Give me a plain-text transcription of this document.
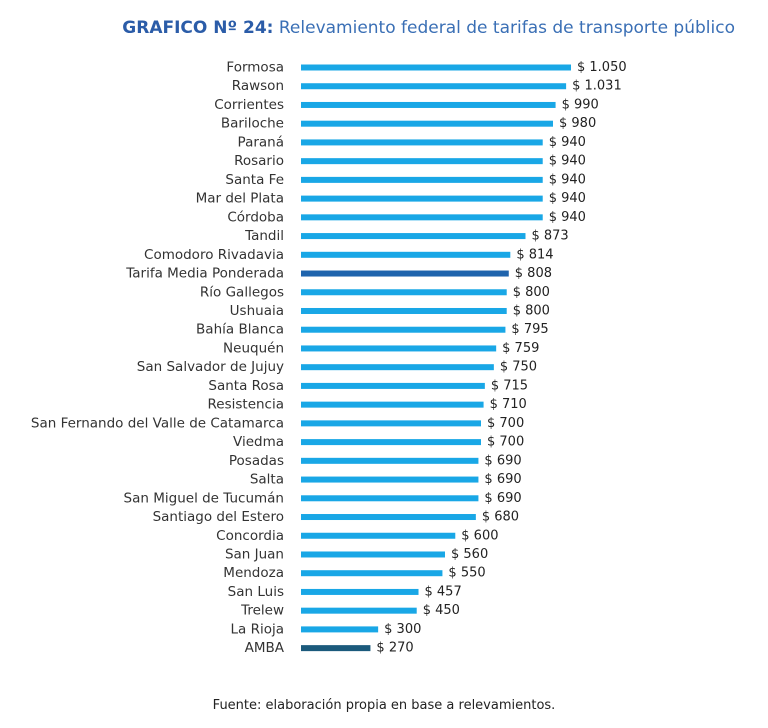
GRAFICO Nº 24: Relevamiento federal de tarifas de transporte público
Formosa	$ 1.050
Rawson	$ 1.031
Corrientes	$ 990
Bariloche	$ 980
Paraná	$ 940
Rosario	$ 940
Santa Fe	$ 940
Mar del Plata	$ 940
Córdoba	$ 940
Tandil	$ 873
Comodoro Rivadavia	$ 814
Tarifa Media Ponderada	$ 808
Río Gallegos	$ 800
Ushuaia	$ 800
Bahía Blanca	$ 795
Neuquén	$ 759
San Salvador de Jujuy	$ 750
Santa Rosa	$ 715
Resistencia	$ 710
San Fernando del Valle de Catamarca	$ 700
Viedma	$ 700
Posadas	$ 690
Salta	$ 690
San Miguel de Tucumán	$ 690
Santiago del Estero	$ 680
Concordia	$ 600
San Juan	$ 560
Mendoza	$ 550
San Luis	$ 457
Trelew	$ 450
La Rioja	$ 300
AMBA	$ 270
Fuente: elaboración propia en base a relevamientos.
